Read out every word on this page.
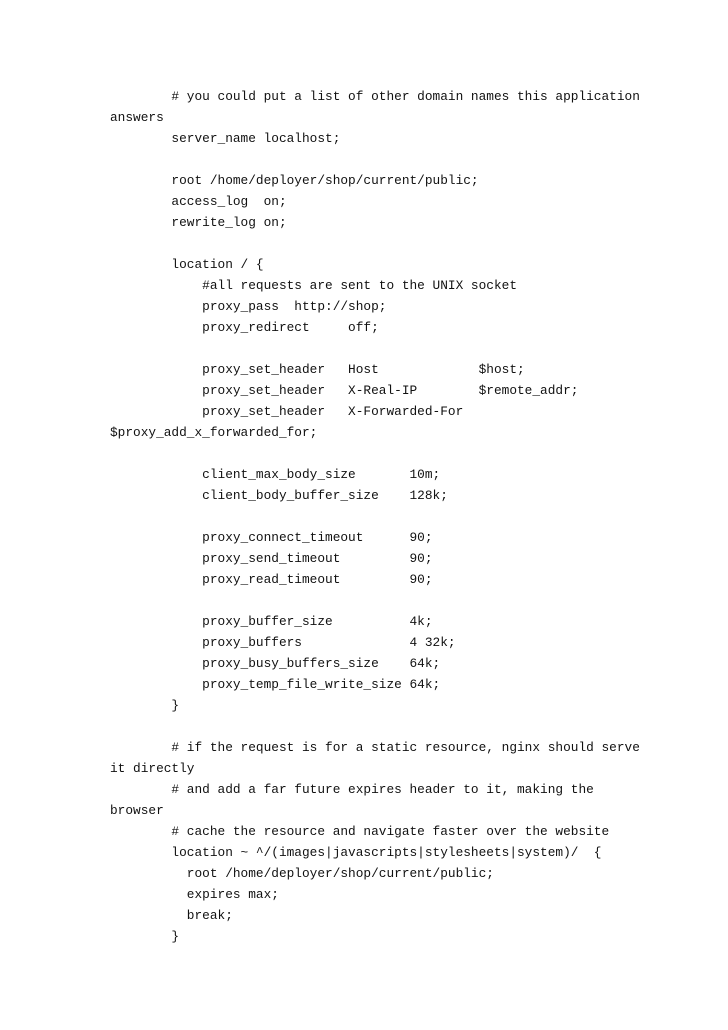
# you could put a list of other domain names this application
answers
server_name localhost;
root /home/deployer/shop/current/public;
access_log  on;
rewrite_log on;
location / {
#all requests are sent to the UNIX socket
proxy_pass  http://shop;
proxy_redirect     off;
proxy_set_header   Host             $host;
proxy_set_header   X-Real-IP        $remote_addr;
proxy_set_header   X-Forwarded-For
$proxy_add_x_forwarded_for;
client_max_body_size       10m;
client_body_buffer_size    128k;
proxy_connect_timeout      90;
proxy_send_timeout         90;
proxy_read_timeout         90;
proxy_buffer_size          4k;
proxy_buffers              4 32k;
proxy_busy_buffers_size    64k;
proxy_temp_file_write_size 64k;
}
# if the request is for a static resource, nginx should serve
it directly
# and add a far future expires header to it, making the
browser
# cache the resource and navigate faster over the website
location ~ ^/(images|javascripts|stylesheets|system)/  {
root /home/deployer/shop/current/public;
expires max;
break;
}
